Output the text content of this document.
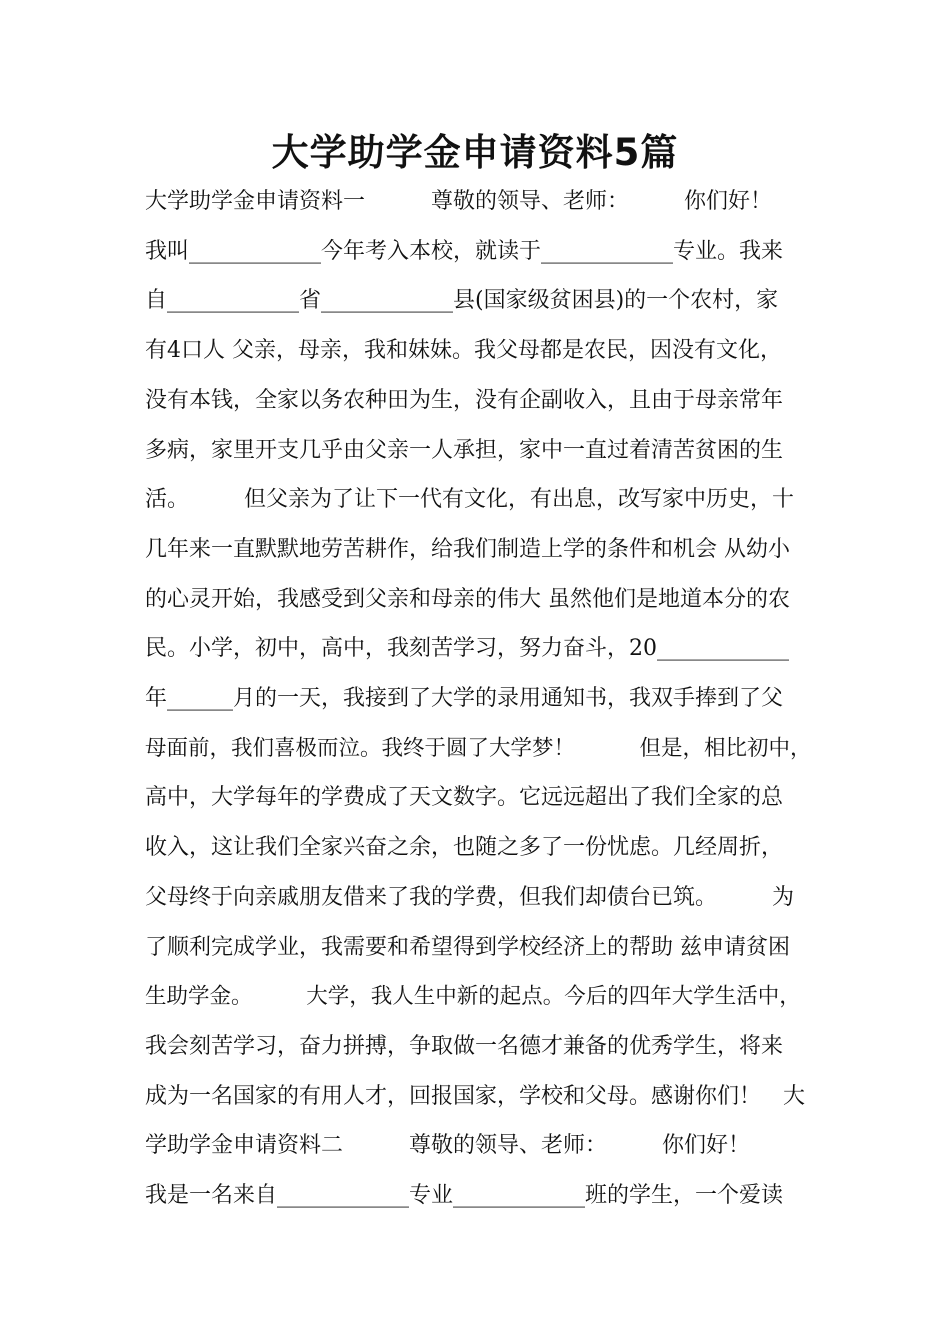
大学助学金申请资料5篇
大学助学金申请资料一　　　尊敬的领导、老师：　　　你们好！
我叫____________今年考入本校，就读于____________专业。我来
自____________省____________县(国家级贫困县)的一个农村，家
有4口人 父亲，母亲，我和妹妹。我父母都是农民，因没有文化，
没有本钱，全家以务农种田为生，没有企副收入，且由于母亲常年
多病，家里开支几乎由父亲一人承担，家中一直过着清苦贫困的生
活。　　　但父亲为了让下一代有文化，有出息，改写家中历史，十
几年来一直默默地劳苦耕作，给我们制造上学的条件和机会 从幼小
的心灵开始，我感受到父亲和母亲的伟大 虽然他们是地道本分的农
民。小学，初中，高中，我刻苦学习，努力奋斗，20____________
年______月的一天，我接到了大学的录用通知书，我双手捧到了父
母面前，我们喜极而泣。我终于圆了大学梦！　　　但是，相比初中，
高中，大学每年的学费成了天文数字。它远远超出了我们全家的总
收入，这让我们全家兴奋之余，也随之多了一份忧虑。几经周折，
父母终于向亲戚朋友借来了我的学费，但我们却债台已筑。　　　为
了顺利完成学业，我需要和希望得到学校经济上的帮助 兹申请贫困
生助学金。　　　大学，我人生中新的起点。今后的四年大学生活中，
我会刻苦学习，奋力拼搏，争取做一名德才兼备的优秀学生，将来
成为一名国家的有用人才，回报国家，学校和父母。感谢你们！　大
学助学金申请资料二　　　尊敬的领导、老师：　　　你们好！
我是一名来自____________专业____________班的学生，一个爱读
